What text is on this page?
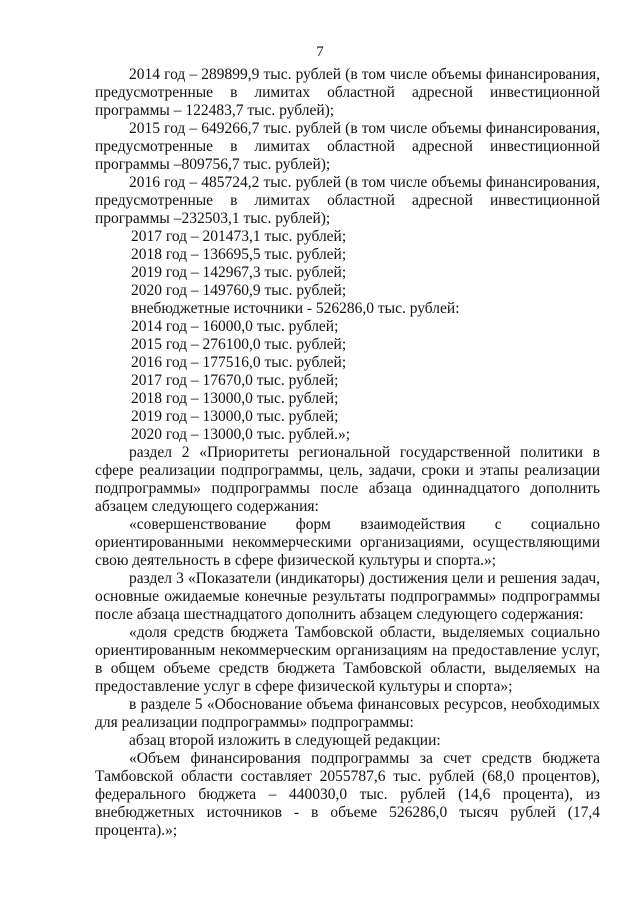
7

2014 год – 289899,9 тыс. рублей (в том числе объемы финансирования, предусмотренные в лимитах областной адресной инвестиционной программы – 122483,7 тыс. рублей);

2015 год – 649266,7 тыс. рублей (в том числе объемы финансирования, предусмотренные в лимитах областной адресной инвестиционной программы –809756,7 тыс. рублей);

2016 год – 485724,2 тыс. рублей (в том числе объемы финансирования, предусмотренные в лимитах областной адресной инвестиционной программы –232503,1 тыс. рублей);

2017 год – 201473,1 тыс. рублей;

2018 год – 136695,5 тыс. рублей;

2019 год – 142967,3 тыс. рублей;

2020 год – 149760,9 тыс. рублей;

внебюджетные источники - 526286,0 тыс. рублей:

2014 год – 16000,0 тыс. рублей;

2015 год – 276100,0 тыс. рублей;

2016 год – 177516,0 тыс. рублей;

2017 год – 17670,0 тыс. рублей;

2018 год – 13000,0 тыс. рублей;

2019 год – 13000,0 тыс. рублей;

2020 год – 13000,0 тыс. рублей.»;

раздел 2 «Приоритеты региональной государственной политики в сфере реализации подпрограммы, цель, задачи, сроки и этапы реализации подпрограммы» подпрограммы после абзаца одиннадцатого дополнить абзацем следующего содержания:

«совершенствование форм взаимодействия с социально ориентированными некоммерческими организациями, осуществляющими свою деятельность в сфере физической культуры и спорта.»;

раздел 3 «Показатели (индикаторы) достижения цели и решения задач, основные ожидаемые конечные результаты подпрограммы» подпрограммы после абзаца шестнадцатого дополнить абзацем следующего содержания:

«доля средств бюджета Тамбовской области, выделяемых социально ориентированным некоммерческим организациям на предоставление услуг, в общем объеме средств бюджета Тамбовской области, выделяемых на предоставление услуг в сфере физической культуры и спорта»;

в разделе 5 «Обоснование объема финансовых ресурсов, необходимых для реализации подпрограммы» подпрограммы:

абзац второй изложить в следующей редакции:

«Объем финансирования подпрограммы за счет средств бюджета Тамбовской области составляет 2055787,6 тыс. рублей (68,0 процентов), федерального бюджета – 440030,0 тыс. рублей (14,6 процента), из внебюджетных источников - в объеме 526286,0 тысяч рублей (17,4 процента).»;
